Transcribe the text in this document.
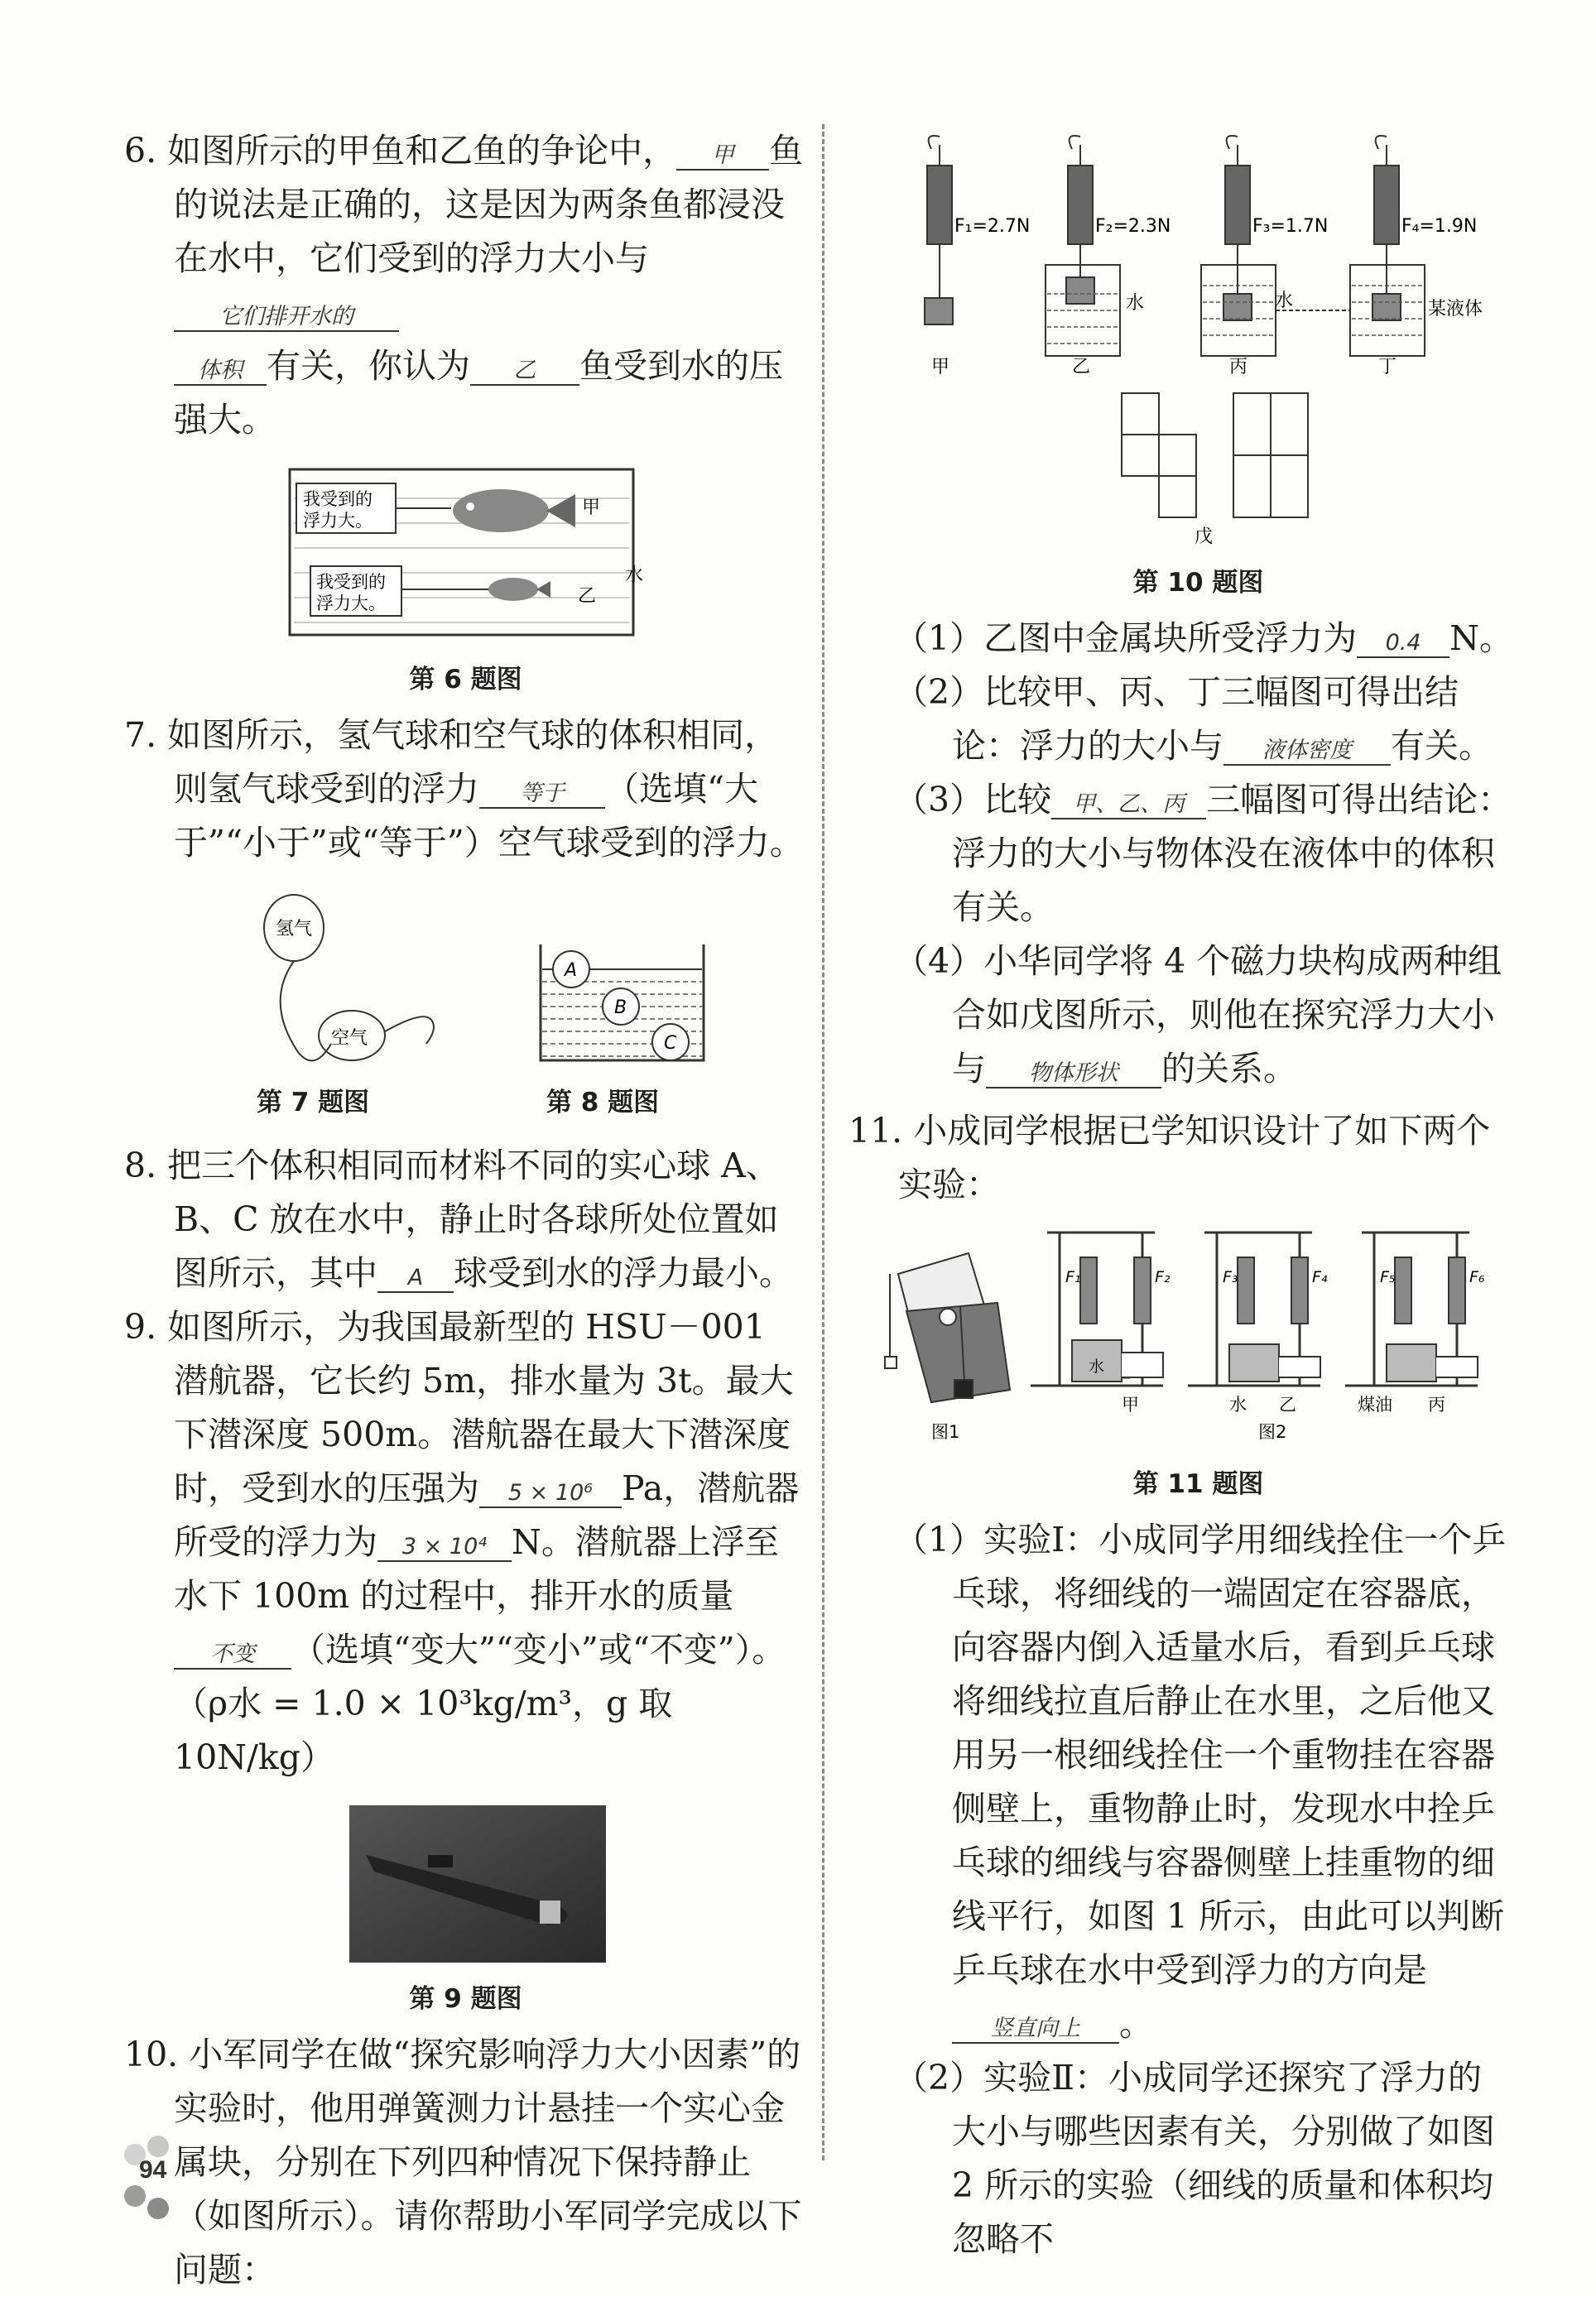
6. 如图所示的甲鱼和乙鱼的争论中， 甲 鱼的说法是正确的，这是因为两条鱼都浸没在水中，它们受到的浮力大小与它们排开水的
体积 有关，你认为 乙 鱼受到水的压强大。

我受到的
浮力大。
甲
我受到的
浮力大。	乙
水
第 6 题图

7. 如图所示，氢气球和空气球的体积相同，则氢气球受到的浮力 等于 （选填“大于”“小于”或“等于”）空气球受到的浮力。

氢气
空气
A
B
C
第 7 题图	第 8 题图

8. 把三个体积相同而材料不同的实心球 A、B、C 放在水中，静止时各球所处位置如图所示，其中 A 球受到水的浮力最小。

9. 如图所示，为我国最新型的 HSU－001 潜航器，它长约 5m，排水量为 3t。最大下潜深度 500m。潜航器在最大下潜深度时，受到水的压强为 5 × 10⁶ Pa，潜航器所受的浮力为 3 × 10⁴ N。潜航器上浮至水下 100m 的过程中，排开水的质量不变 （选填“变大”“变小”或“不变”）。（ρ水 = 1.0 × 10³kg/m³，g 取 10N/kg）

第 9 题图

10. 小军同学在做“探究影响浮力大小因素”的实验时，他用弹簧测力计悬挂一个实心金属块，分别在下列四种情况下保持静止（如图所示）。请你帮助小军同学完成以下问题：

F₁=2.7N	F₂=2.3N	F₃=1.7N	F₄=1.9N
水	水	某液体
甲	乙	丙	丁
戊
第 10 题图

（1）乙图中金属块所受浮力为 0.4 N。

（2）比较甲、丙、丁三幅图可得出结论：浮力的大小与 液体密度 有关。

（3）比较 甲、乙、丙 三幅图可得出结论：浮力的大小与物体没在液体中的体积有关。

（4）小华同学将 4 个磁力块构成两种组合如戊图所示，则他在探究浮力大小与 物体形状 的关系。

11. 小成同学根据已学知识设计了如下两个实验：

图1
水
甲	水 乙	煤油 丙
图2
F₁	F₂	F₃	F₄	F₅	F₆
第 11 题图

（1）实验Ⅰ：小成同学用细线拴住一个乒乓球，将细线的一端固定在容器底，向容器内倒入适量水后，看到乒乓球将细线拉直后静止在水里，之后他又用另一根细线拴住一个重物挂在容器侧壁上，重物静止时，发现水中拴乒乓球的细线与容器侧壁上挂重物的细线平行，如图 1 所示，由此可以判断乒乓球在水中受到浮力的方向是竖直向上 。

（2）实验Ⅱ：小成同学还探究了浮力的大小与哪些因素有关，分别做了如图 2 所示的实验（细线的质量和体积均忽略不

94
